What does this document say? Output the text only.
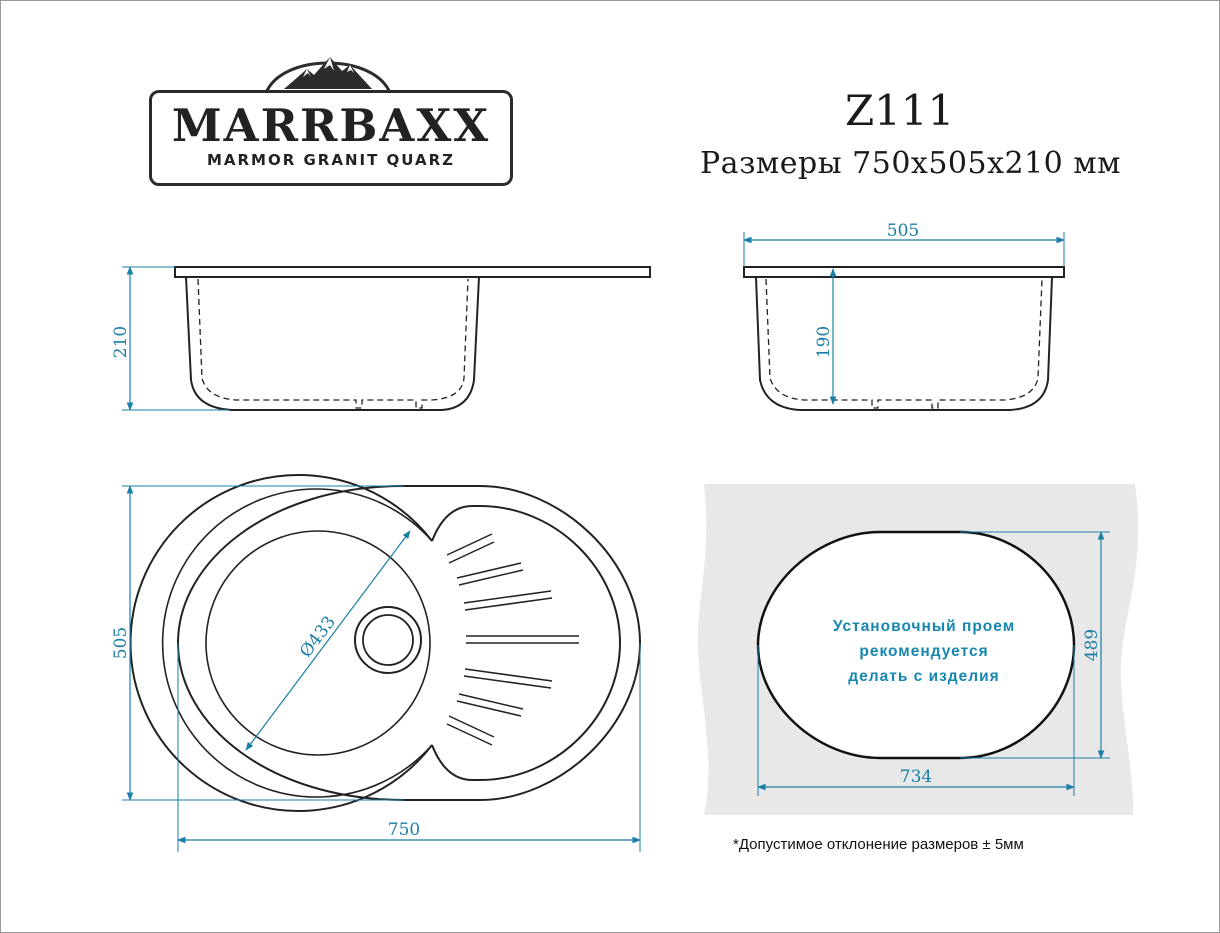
MARRBAXX
MARMOR GRANIT QUARZ
Z111
Размеры 750х505х210 мм
210
505
190
Ø433
505
750
734
489
Установочный проем
рекомендуется
делать с изделия
*Допустимое отклонение размеров ± 5мм
